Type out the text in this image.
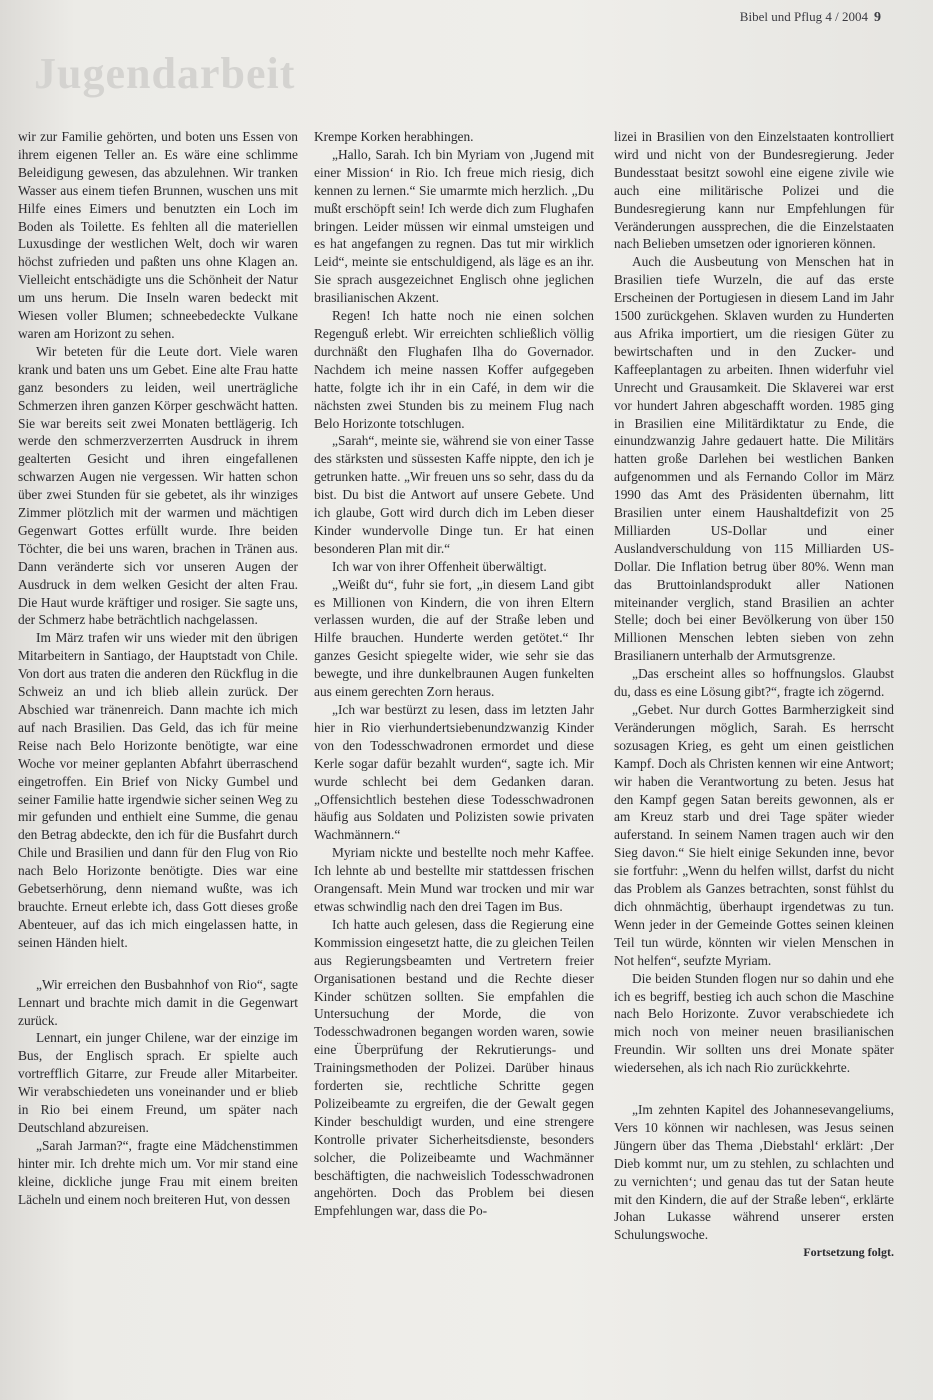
Bibel und Pflug 4 / 2004 9
Jugendarbeit

wir zur Familie gehörten, und boten uns Essen von ihrem eigenen Teller an. Es wäre eine schlimme Beleidigung gewesen, das abzulehnen. Wir tranken Wasser aus einem tiefen Brunnen, wuschen uns mit Hilfe eines Eimers und benutzten ein Loch im Boden als Toilette. Es fehlten all die materiellen Luxusdinge der westlichen Welt, doch wir waren höchst zufrieden und paßten uns ohne Klagen an. Vielleicht entschädigte uns die Schönheit der Natur um uns herum. Die Inseln waren bedeckt mit Wiesen voller Blumen; schneebedeckte Vulkane waren am Horizont zu sehen.

Wir beteten für die Leute dort. Viele waren krank und baten uns um Gebet. Eine alte Frau hatte ganz besonders zu leiden, weil unerträgliche Schmerzen ihren ganzen Körper geschwächt hatten. Sie war bereits seit zwei Monaten bettlägerig. Ich werde den schmerzverzerrten Ausdruck in ihrem gealterten Gesicht und ihren eingefallenen schwarzen Augen nie vergessen. Wir hatten schon über zwei Stunden für sie gebetet, als ihr winziges Zimmer plötzlich mit der warmen und mächtigen Gegenwart Gottes erfüllt wurde. Ihre beiden Töchter, die bei uns waren, brachen in Tränen aus. Dann veränderte sich vor unseren Augen der Ausdruck in dem welken Gesicht der alten Frau. Die Haut wurde kräftiger und rosiger. Sie sagte uns, der Schmerz habe beträchtlich nachgelassen.

Im März trafen wir uns wieder mit den übrigen Mitarbeitern in Santiago, der Hauptstadt von Chile. Von dort aus traten die anderen den Rückflug in die Schweiz an und ich blieb allein zurück. Der Abschied war tränenreich. Dann machte ich mich auf nach Brasilien. Das Geld, das ich für meine Reise nach Belo Horizonte benötigte, war eine Woche vor meiner geplanten Abfahrt überraschend eingetroffen. Ein Brief von Nicky Gumbel und seiner Familie hatte irgendwie sicher seinen Weg zu mir gefunden und enthielt eine Summe, die genau den Betrag abdeckte, den ich für die Busfahrt durch Chile und Brasilien und dann für den Flug von Rio nach Belo Horizonte benötigte. Dies war eine Gebetserhörung, denn niemand wußte, was ich brauchte. Erneut erlebte ich, dass Gott dieses große Abenteuer, auf das ich mich eingelassen hatte, in seinen Händen hielt.

„Wir erreichen den Busbahnhof von Rio“, sagte Lennart und brachte mich damit in die Gegenwart zurück.

Lennart, ein junger Chilene, war der einzige im Bus, der Englisch sprach. Er spielte auch vortrefflich Gitarre, zur Freude aller Mitarbeiter. Wir verabschiedeten uns voneinander und er blieb in Rio bei einem Freund, um später nach Deutschland abzureisen.

„Sarah Jarman?“, fragte eine Mädchenstimmen hinter mir. Ich drehte mich um. Vor mir stand eine kleine, dickliche junge Frau mit einem breiten Lächeln und einem noch breiteren Hut, von dessen

Krempe Korken herabhingen.

„Hallo, Sarah. Ich bin Myriam von ‚Jugend mit einer Mission‘ in Rio. Ich freue mich riesig, dich kennen zu lernen.“ Sie umarmte mich herzlich. „Du mußt erschöpft sein! Ich werde dich zum Flughafen bringen. Leider müssen wir einmal umsteigen und es hat angefangen zu regnen. Das tut mir wirklich Leid“, meinte sie entschuldigend, als läge es an ihr. Sie sprach ausgezeichnet Englisch ohne jeglichen brasilianischen Akzent.

Regen! Ich hatte noch nie einen solchen Regenguß erlebt. Wir erreichten schließlich völlig durchnäßt den Flughafen Ilha do Governador. Nachdem ich meine nassen Koffer aufgegeben hatte, folgte ich ihr in ein Café, in dem wir die nächsten zwei Stunden bis zu meinem Flug nach Belo Horizonte totschlugen.

„Sarah“, meinte sie, während sie von einer Tasse des stärksten und süssesten Kaffe nippte, den ich je getrunken hatte. „Wir freuen uns so sehr, dass du da bist. Du bist die Antwort auf unsere Gebete. Und ich glaube, Gott wird durch dich im Leben dieser Kinder wundervolle Dinge tun. Er hat einen besonderen Plan mit dir.“

Ich war von ihrer Offenheit überwältigt.

„Weißt du“, fuhr sie fort, „in diesem Land gibt es Millionen von Kindern, die von ihren Eltern verlassen wurden, die auf der Straße leben und Hilfe brauchen. Hunderte werden getötet.“ Ihr ganzes Gesicht spiegelte wider, wie sehr sie das bewegte, und ihre dunkelbraunen Augen funkelten aus einem gerechten Zorn heraus.

„Ich war bestürzt zu lesen, dass im letzten Jahr hier in Rio vierhundertsiebenundzwanzig Kinder von den Todesschwadronen ermordet und diese Kerle sogar dafür bezahlt wurden“, sagte ich. Mir wurde schlecht bei dem Gedanken daran. „Offensichtlich bestehen diese Todesschwadronen häufig aus Soldaten und Polizisten sowie privaten Wachmännern.“

Myriam nickte und bestellte noch mehr Kaffee. Ich lehnte ab und bestellte mir stattdessen frischen Orangensaft. Mein Mund war trocken und mir war etwas schwindlig nach den drei Tagen im Bus.

Ich hatte auch gelesen, dass die Regierung eine Kommission eingesetzt hatte, die zu gleichen Teilen aus Regierungsbeamten und Vertretern freier Organisationen bestand und die Rechte dieser Kinder schützen sollten. Sie empfahlen die Untersuchung der Morde, die von Todesschwadronen begangen worden waren, sowie eine Überprüfung der Rekrutierungs- und Trainingsmethoden der Polizei. Darüber hinaus forderten sie, rechtliche Schritte gegen Polizeibeamte zu ergreifen, die der Gewalt gegen Kinder beschuldigt wurden, und eine strengere Kontrolle privater Sicherheitsdienste, besonders solcher, die Polizeibeamte und Wachmänner beschäftigten, die nachweislich Todesschwadronen angehörten. Doch das Problem bei diesen Empfehlungen war, dass die Po-

lizei in Brasilien von den Einzelstaaten kontrolliert wird und nicht von der Bundesregierung. Jeder Bundesstaat besitzt sowohl eine eigene zivile wie auch eine militärische Polizei und die Bundesregierung kann nur Empfehlungen für Veränderungen aussprechen, die die Einzelstaaten nach Belieben umsetzen oder ignorieren können.

Auch die Ausbeutung von Menschen hat in Brasilien tiefe Wurzeln, die auf das erste Erscheinen der Portugiesen in diesem Land im Jahr 1500 zurückgehen. Sklaven wurden zu Hunderten aus Afrika importiert, um die riesigen Güter zu bewirtschaften und in den Zucker- und Kaffeeplantagen zu arbeiten. Ihnen widerfuhr viel Unrecht und Grausamkeit. Die Sklaverei war erst vor hundert Jahren abgeschafft worden. 1985 ging in Brasilien eine Militärdiktatur zu Ende, die einundzwanzig Jahre gedauert hatte. Die Militärs hatten große Darlehen bei westlichen Banken aufgenommen und als Fernando Collor im März 1990 das Amt des Präsidenten übernahm, litt Brasilien unter einem Haushaltdefizit von 25 Milliarden US-Dollar und einer Auslandverschuldung von 115 Milliarden US-Dollar. Die Inflation betrug über 80%. Wenn man das Bruttoinlandsprodukt aller Nationen miteinander verglich, stand Brasilien an achter Stelle; doch bei einer Bevölkerung von über 150 Millionen Menschen lebten sieben von zehn Brasilianern unterhalb der Armutsgrenze.

„Das erscheint alles so hoffnungslos. Glaubst du, dass es eine Lösung gibt?“, fragte ich zögernd.

„Gebet. Nur durch Gottes Barmherzigkeit sind Veränderungen möglich, Sarah. Es herrscht sozusagen Krieg, es geht um einen geistlichen Kampf. Doch als Christen kennen wir eine Antwort; wir haben die Verantwortung zu beten. Jesus hat den Kampf gegen Satan bereits gewonnen, als er am Kreuz starb und drei Tage später wieder auferstand. In seinem Namen tragen auch wir den Sieg davon.“ Sie hielt einige Sekunden inne, bevor sie fortfuhr: „Wenn du helfen willst, darfst du nicht das Problem als Ganzes betrachten, sonst fühlst du dich ohnmächtig, überhaupt irgendetwas zu tun. Wenn jeder in der Gemeinde Gottes seinen kleinen Teil tun würde, könnten wir vielen Menschen in Not helfen“, seufzte Myriam.

Die beiden Stunden flogen nur so dahin und ehe ich es begriff, bestieg ich auch schon die Maschine nach Belo Horizonte. Zuvor verabschiedete ich mich noch von meiner neuen brasilianischen Freundin. Wir sollten uns drei Monate später wiedersehen, als ich nach Rio zurückkehrte.

„Im zehnten Kapitel des Johannesevangeliums, Vers 10 können wir nachlesen, was Jesus seinen Jüngern über das Thema ‚Diebstahl‘ erklärt: ‚Der Dieb kommt nur, um zu stehlen, zu schlachten und zu vernichten‘; und genau das tut der Satan heute mit den Kindern, die auf der Straße leben“, erklärte Johan Lukasse während unserer ersten Schulungswoche.

Fortsetzung folgt.
